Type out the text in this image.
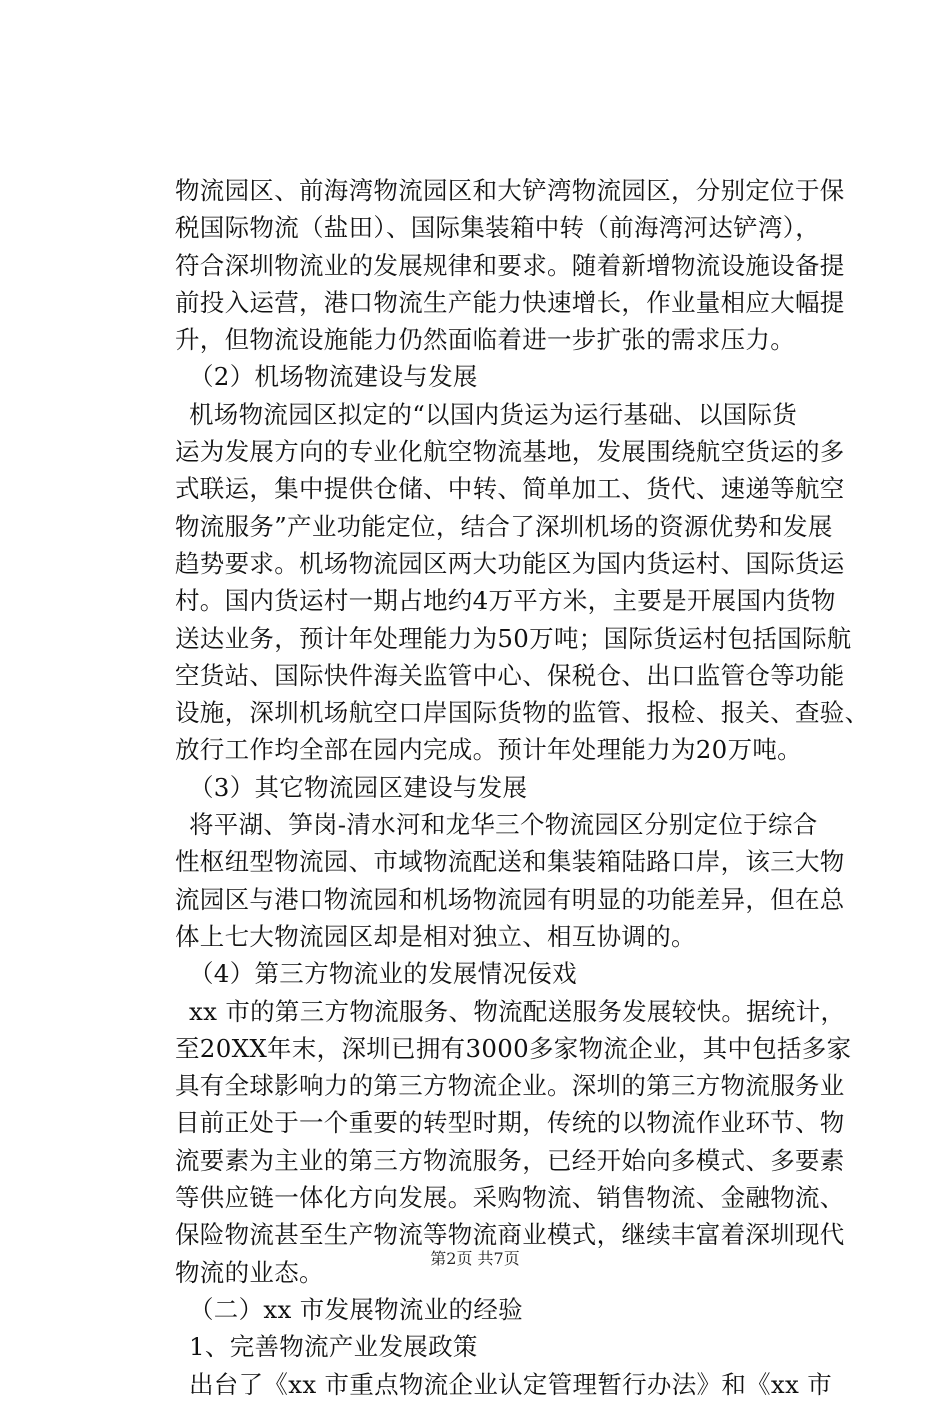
物流园区、前海湾物流园区和大铲湾物流园区，分别定位于保
税国际物流（盐田）、国际集装箱中转（前海湾河达铲湾），
符合深圳物流业的发展规律和要求。随着新增物流设施设备提
前投入运营，港口物流生产能力快速增长，作业量相应大幅提
升，但物流设施能力仍然面临着进一步扩张的需求压力。
（2）机场物流建设与发展
机场物流园区拟定的“以国内货运为运行基础、以国际货
运为发展方向的专业化航空物流基地，发展围绕航空货运的多
式联运，集中提供仓储、中转、简单加工、货代、速递等航空
物流服务”产业功能定位，结合了深圳机场的资源优势和发展
趋势要求。机场物流园区两大功能区为国内货运村、国际货运
村。国内货运村一期占地约4万平方米，主要是开展国内货物
送达业务，预计年处理能力为50万吨；国际货运村包括国际航
空货站、国际快件海关监管中心、保税仓、出口监管仓等功能
设施，深圳机场航空口岸国际货物的监管、报检、报关、查验、
放行工作均全部在园内完成。预计年处理能力为20万吨。
（3）其它物流园区建设与发展
将平湖、笋岗-清水河和龙华三个物流园区分别定位于综合
性枢纽型物流园、市域物流配送和集装箱陆路口岸，该三大物
流园区与港口物流园和机场物流园有明显的功能差异，但在总
体上七大物流园区却是相对独立、相互协调的。
（4）第三方物流业的发展情况佞戏
xx 市的第三方物流服务、物流配送服务发展较快。据统计，
至20XX年末，深圳已拥有3000多家物流企业，其中包括多家
具有全球影响力的第三方物流企业。深圳的第三方物流服务业
目前正处于一个重要的转型时期，传统的以物流作业环节、物
流要素为主业的第三方物流服务，已经开始向多模式、多要素
等供应链一体化方向发展。采购物流、销售物流、金融物流、
保险物流甚至生产物流等物流商业模式，继续丰富着深圳现代
物流的业态。
（二）xx 市发展物流业的经验
1、完善物流产业发展政策
出台了《xx 市重点物流企业认定管理暂行办法》和《xx 市
第2页 共7页
